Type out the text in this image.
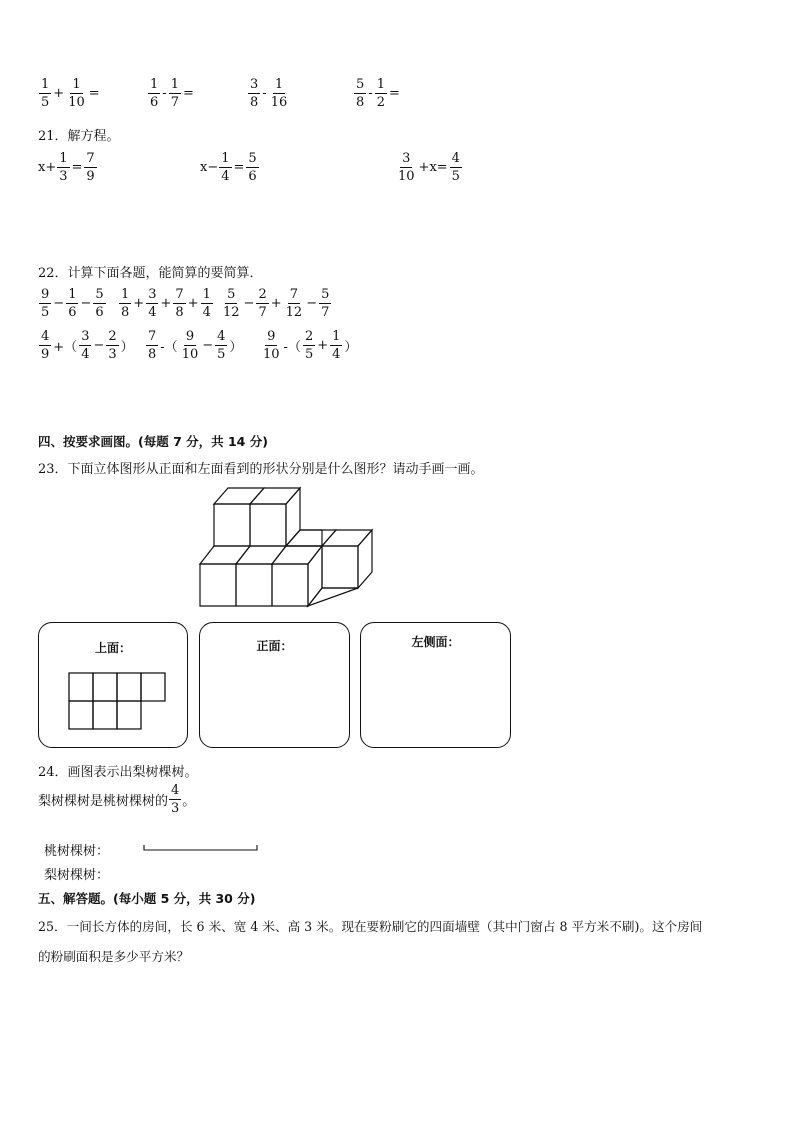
$\frac{1}{5} + \frac{1}{10}$ =	$\frac{1}{6} - \frac{1}{7}$ =	$\frac{3}{8} - \frac{1}{16}$	$\frac{5}{8} - \frac{1}{2}$ =
21．解方程。
$x+ \frac{1}{3} = \frac{7}{9}$	$x- \frac{1}{4} = \frac{5}{6}$	$\frac{3}{10} +x= \frac{4}{5}$
22．计算下面各题，能简算的要简算．
$\frac{9}{5} - \frac{1}{6} - \frac{5}{6} \frac{1}{8} + \frac{3}{4} + \frac{7}{8} + \frac{1}{4} \frac{5}{12} - \frac{2}{7} + \frac{7}{12} - \frac{5}{7}$
$\frac{4}{9}$ +（ $\frac{3}{4} - \frac{2}{3}$ ） $\frac{7}{8}$ -（ $\frac{9}{10} - \frac{4}{5}$ ） $\frac{9}{10}$ -（ $\frac{2}{5} + \frac{1}{4}$ ）
四、按要求画图。(每题 7 分，共 14 分)
23．下面立体图形从正面和左面看到的形状分别是什么图形？请动手画一画。
上面：	正面：	左侧面：
24．画图表示出梨树棵树。
梨树棵树是桃树棵树的 $\frac{4}{3}$ 。
桃树棵树：
梨树棵树：
五、解答题。(每小题 5 分，共 30 分)
25．一间长方体的房间，长 6 米、宽 4 米、高 3 米。现在要粉刷它的四面墙壁（其中门窗占 8 平方米不刷)。这个房间
的粉刷面积是多少平方米？
